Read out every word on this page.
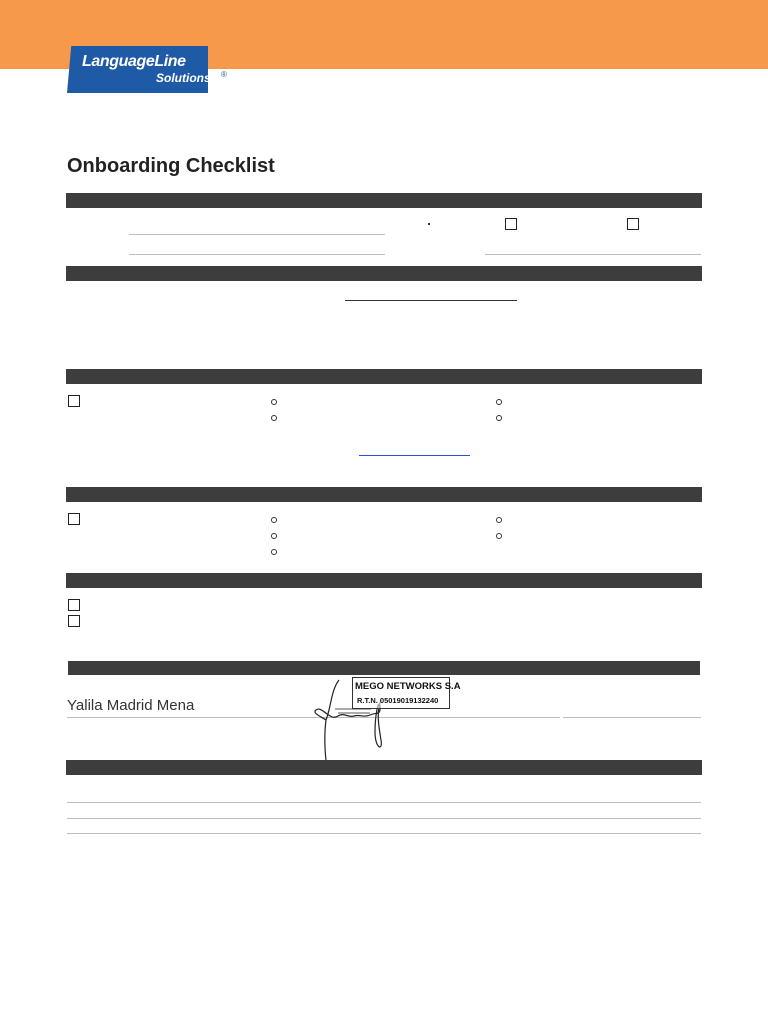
LanguageLine
Solutions ®
Onboarding Checklist
Yalila Madrid Mena
MEGO NETWORKS S.A
R.T.N. 05019019132240
